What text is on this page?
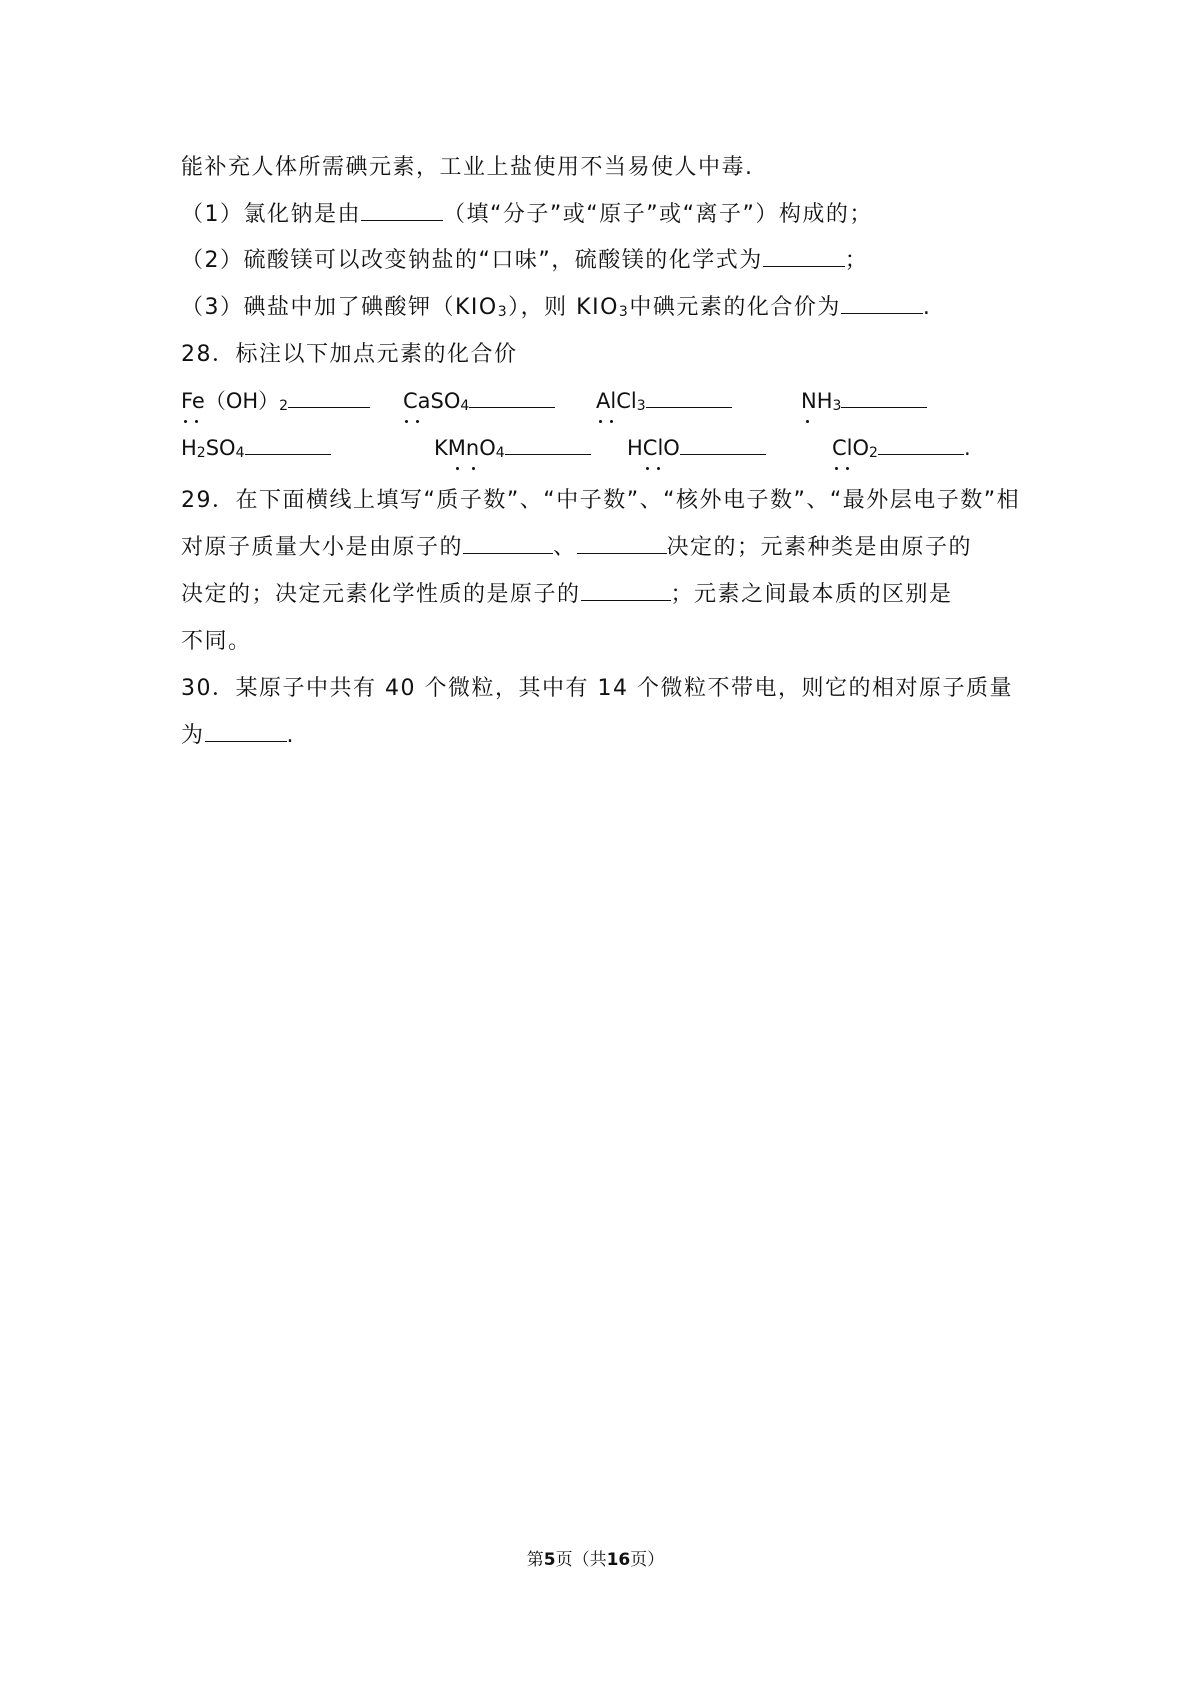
能补充人体所需碘元素，工业上盐使用不当易使人中毒.
（1）氯化钠是由	（填“分子”或“原子”或“离子”）构成的；
（2）硫酸镁可以改变钠盐的“口味”，硫酸镁的化学式为	；
（3）碘盐中加了碘酸钾$(KIO_3)$，则 $KIO_3$中碘元素的化合价为	.
28．标注以下加点元素的化合价
$Fe(OH)_2$	CaSO$_4$	AlCl$_3$	$NH_3$
$H_2SO_4$	KMnO$_4$	HClO	ClO$_2$	.
29．在下面横线上填写“质子数”、“中子数”、“核外电子数”、“最外层电子数”相
对原子质量大小是由原子的	、	决定的；元素种类是由原子的
决定的；决定元素化学性质的是原子的	；元素之间最本质的区别是
不同。
30．某原子中共有 40 个微粒，其中有 14 个微粒不带电，则它的相对原子质量
为	.
第5页（共16页）
